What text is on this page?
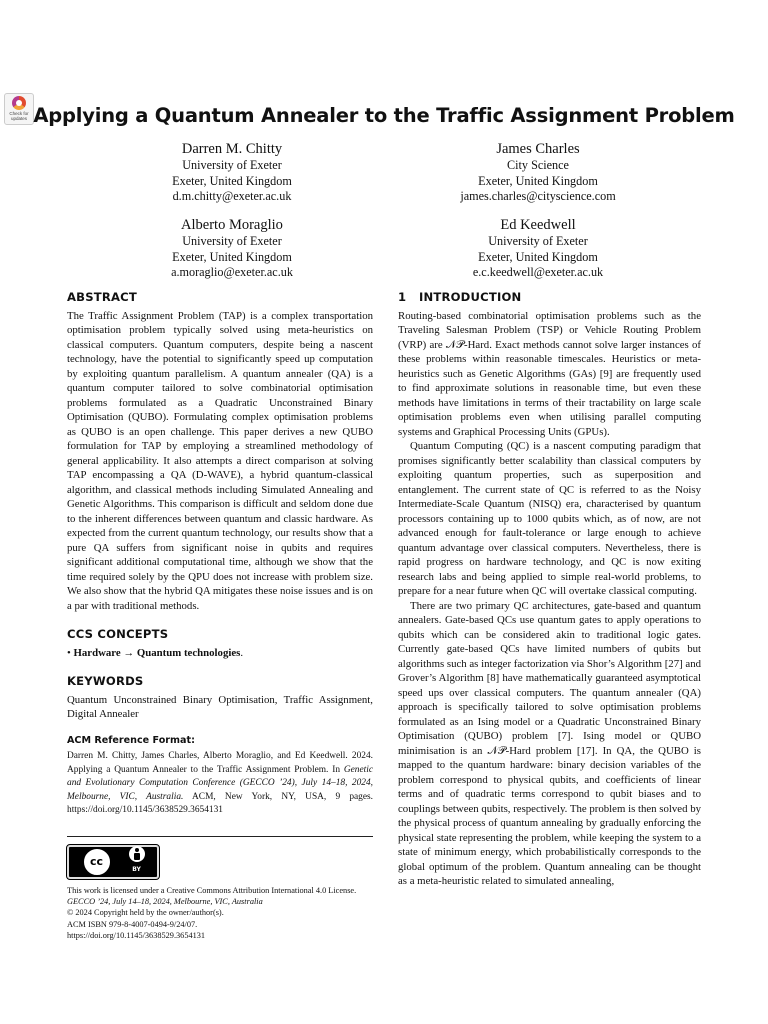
Check for updates Applying a Quantum Annealer to the Traffic Assignment Problem
Darren M. Chitty
University of Exeter
Exeter, United Kingdom
d.m.chitty@exeter.ac.uk
James Charles
City Science
Exeter, United Kingdom
james.charles@cityscience.com
Alberto Moraglio
University of Exeter
Exeter, United Kingdom
a.moraglio@exeter.ac.uk
Ed Keedwell
University of Exeter
Exeter, United Kingdom
e.c.keedwell@exeter.ac.uk
ABSTRACT

The Traffic Assignment Problem (TAP) is a complex transportation optimisation problem typically solved using meta-heuristics on classical computers. Quantum computers, despite being a nascent technology, have the potential to significantly speed up computation by exploiting quantum parallelism. A quantum annealer (QA) is a quantum computer tailored to solve combinatorial optimisation problems formulated as a Quadratic Unconstrained Binary Optimisation (QUBO). Formulating complex optimisation problems as QUBO is an open challenge. This paper derives a new QUBO formulation for TAP by employing a streamlined methodology of general applicability. It also attempts a direct comparison at solving TAP encompassing a QA (D-WAVE), a hybrid quantum-classical algorithm, and classical methods including Simulated Annealing and Genetic Algorithms. This comparison is difficult and seldom done due to the inherent differences between quantum and classic hardware. As expected from the current quantum technology, our results show that a pure QA suffers from significant noise in qubits and requires significant additional computational time, although we show that the time required solely by the QPU does not increase with problem size. We also show that the hybrid QA mitigates these noise issues and is on a par with traditional methods.

CCS CONCEPTS
• Hardware → Quantum technologies.
KEYWORDS

Quantum Unconstrained Binary Optimisation, Traffic Assignment, Digital Annealer

ACM Reference Format:
Darren M. Chitty, James Charles, Alberto Moraglio, and Ed Keedwell. 2024. Applying a Quantum Annealer to the Traffic Assignment Problem. In Genetic and Evolutionary Computation Conference (GECCO ’24), July 14–18, 2024, Melbourne, VIC, Australia. ACM, New York, NY, USA, 9 pages. https://doi.org/10.1145/3638529.3654131
cc
BY
This work is licensed under a Creative Commons Attribution International 4.0 License.
GECCO ’24, July 14–18, 2024, Melbourne, VIC, Australia
© 2024 Copyright held by the owner/author(s).
ACM ISBN 979-8-4007-0494-9/24/07.
https://doi.org/10.1145/3638529.3654131
1   INTRODUCTION

Routing-based combinatorial optimisation problems such as the Traveling Salesman Problem (TSP) or Vehicle Routing Problem (VRP) are 𝒩𝒫-Hard. Exact methods cannot solve larger instances of these problems within reasonable timescales. Heuristics or meta-heuristics such as Genetic Algorithms (GAs) [9] are frequently used to find approximate solutions in reasonable time, but even these methods have limitations in terms of their tractability on large scale optimisation problems even when utilising parallel computing systems and Graphical Processing Units (GPUs).

Quantum Computing (QC) is a nascent computing paradigm that promises significantly better scalability than classical computers by exploiting quantum properties, such as superposition and entanglement. The current state of QC is referred to as the Noisy Intermediate-Scale Quantum (NISQ) era, characterised by quantum processors containing up to 1000 qubits which, as of now, are not advanced enough for fault-tolerance or large enough to achieve quantum advantage over classical computers. Nevertheless, there is rapid progress on hardware technology, and QC is now exiting research labs and being applied to simple real-world problems, to prepare for a near future when QC will overtake classical computing.

There are two primary QC architectures, gate-based and quantum annealers. Gate-based QCs use quantum gates to apply operations to qubits which can be considered akin to traditional logic gates. Currently gate-based QCs have limited numbers of qubits but algorithms such as integer factorization via Shor’s Algorithm [27] and Grover’s Algorithm [8] have mathematically guaranteed asymptotical speed ups over classical computers. The quantum annealer (QA) approach is specifically tailored to solve optimisation problems formulated as an Ising model or a Quadratic Unconstrained Binary Optimisation (QUBO) problem [7]. Ising model or QUBO minimisation is an 𝒩𝒫-Hard problem [17]. In QA, the QUBO is mapped to the quantum hardware: binary decision variables of the problem correspond to physical qubits, and coefficients of linear terms and of quadratic terms correspond to qubit biases and to couplings between qubits, respectively. The problem is then solved by the physical process of quantum annealing by gradually enforcing the physical state representing the problem, while keeping the system to a state of minimum energy, which probabilistically corresponds to the global optimum of the problem. Quantum annealing can be thought as a meta-heuristic related to simulated annealing,
